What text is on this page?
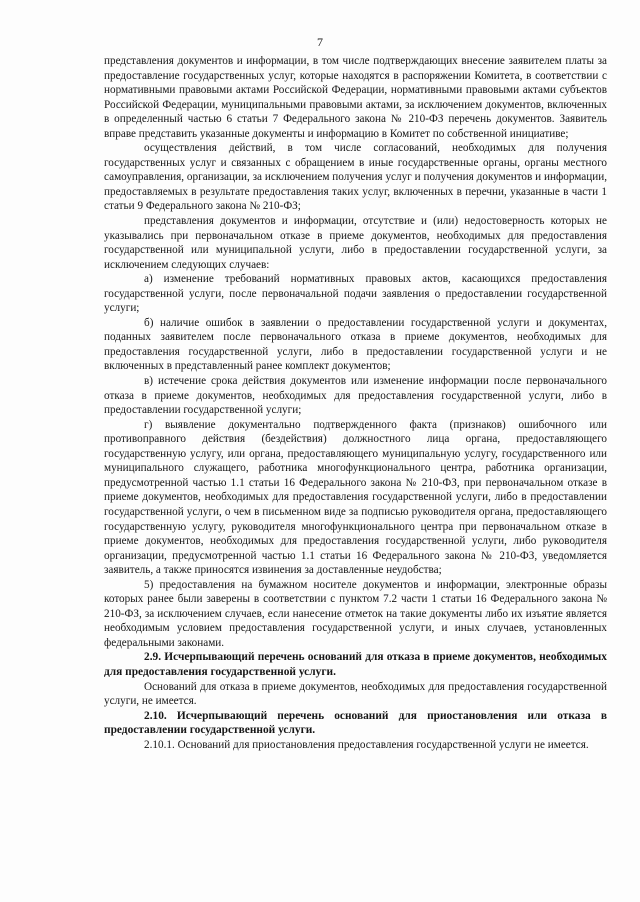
7

представления документов и информации, в том числе подтверждающих внесение заявителем платы за предоставление государственных услуг, которые находятся в распоряжении Комитета, в соответствии с нормативными правовыми актами Российской Федерации, нормативными правовыми актами субъектов Российской Федерации, муниципальными правовыми актами, за исключением документов, включенных в определенный частью 6 статьи 7 Федерального закона № 210-ФЗ перечень документов. Заявитель вправе представить указанные документы и информацию в Комитет по собственной инициативе;

осуществления действий, в том числе согласований, необходимых для получения государственных услуг и связанных с обращением в иные государственные органы, органы местного самоуправления, организации, за исключением получения услуг и получения документов и информации, предоставляемых в результате предоставления таких услуг, включенных в перечни, указанные в части 1 статьи 9 Федерального закона № 210-ФЗ;

представления документов и информации, отсутствие и (или) недостоверность которых не указывались при первоначальном отказе в приеме документов, необходимых для предоставления государственной или муниципальной услуги, либо в предоставлении государственной услуги, за исключением следующих случаев:

а) изменение требований нормативных правовых актов, касающихся предоставления государственной услуги, после первоначальной подачи заявления о предоставлении государственной услуги;

б) наличие ошибок в заявлении о предоставлении государственной услуги и документах, поданных заявителем после первоначального отказа в приеме документов, необходимых для предоставления государственной услуги, либо в предоставлении государственной услуги и не включенных в представленный ранее комплект документов;

в) истечение срока действия документов или изменение информации после первоначального отказа в приеме документов, необходимых для предоставления государственной услуги, либо в предоставлении государственной услуги;

г) выявление документально подтвержденного факта (признаков) ошибочного или противоправного действия (бездействия) должностного лица органа, предоставляющего государственную услугу, или органа, предоставляющего муниципальную услугу, государственного или муниципального служащего, работника многофункционального центра, работника организации, предусмотренной частью 1.1 статьи 16 Федерального закона № 210-ФЗ, при первоначальном отказе в приеме документов, необходимых для предоставления государственной услуги, либо в предоставлении государственной услуги, о чем в письменном виде за подписью руководителя органа, предоставляющего государственную услугу, руководителя многофункционального центра при первоначальном отказе в приеме документов, необходимых для предоставления государственной услуги, либо руководителя организации, предусмотренной частью 1.1 статьи 16 Федерального закона № 210-ФЗ, уведомляется заявитель, а также приносятся извинения за доставленные неудобства;

5) предоставления на бумажном носителе документов и информации, электронные образы которых ранее были заверены в соответствии с пунктом 7.2 части 1 статьи 16 Федерального закона № 210-ФЗ, за исключением случаев, если нанесение отметок на такие документы либо их изъятие является необходимым условием предоставления государственной услуги, и иных случаев, установленных федеральными законами.

2.9. Исчерпывающий перечень оснований для отказа в приеме документов, необходимых для предоставления государственной услуги.

Оснований для отказа в приеме документов, необходимых для предоставления государственной услуги, не имеется.

2.10. Исчерпывающий перечень оснований для приостановления или отказа в предоставлении государственной услуги.

2.10.1. Оснований для приостановления предоставления государственной услуги не имеется.
